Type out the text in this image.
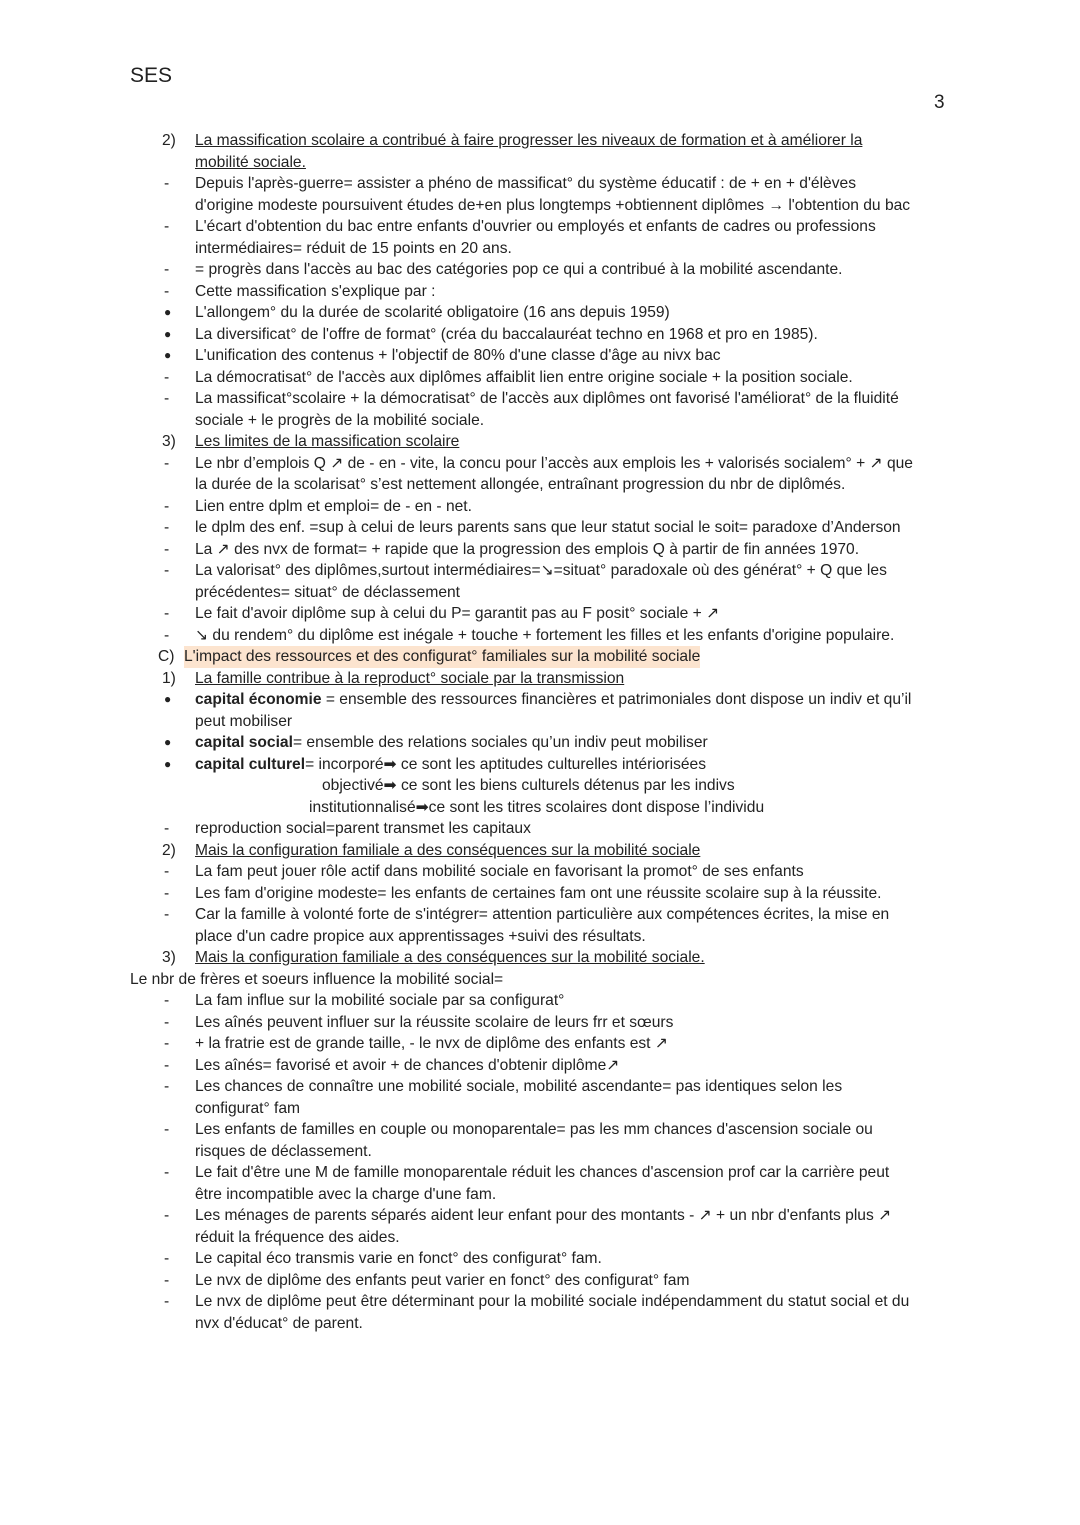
SES
3
2) La massification scolaire a contribué à faire progresser les niveaux de formation et à améliorer la
mobilité sociale.
- Depuis l'après-guerre= assister a phéno de massificat° du système éducatif : de + en + d'élèves
d'origine modeste poursuivent études de+en plus longtemps +obtiennent diplômes → l'obtention du bac
- L'écart d'obtention du bac entre enfants d'ouvrier ou employés et enfants de cadres ou professions
intermédiaires= réduit de 15 points en 20 ans.
- = progrès dans l'accès au bac des catégories pop ce qui a contribué à la mobilité ascendante.
- Cette massification s'explique par :
● L'allongem° du la durée de scolarité obligatoire (16 ans depuis 1959)
● La diversificat° de l'offre de format° (créa du baccalauréat techno en 1968 et pro en 1985).
● L'unification des contenus + l'objectif de 80% d'une classe d'âge au nivx bac
- La démocratisat° de l'accès aux diplômes affaiblit lien entre origine sociale + la position sociale.
- La massificat°scolaire + la démocratisat° de l'accès aux diplômes ont favorisé l'améliorat° de la fluidité
sociale + le progrès de la mobilité sociale.
3) Les limites de la massification scolaire
- Le nbr d’emplois Q ↗ de - en - vite, la concu pour l’accès aux emplois les + valorisés socialem° + ↗ que
la durée de la scolarisat° s’est nettement allongée, entraînant progression du nbr de diplômés.
- Lien entre dplm et emploi= de - en - net.
- le dplm des enf. =sup à celui de leurs parents sans que leur statut social le soit= paradoxe d’Anderson
- La ↗ des nvx de format= + rapide que la progression des emplois Q à partir de fin années 1970.
- La valorisat° des diplômes,surtout intermédiaires=↘=situat° paradoxale où des générat° + Q que les
précédentes= situat° de déclassement
- Le fait d'avoir diplôme sup à celui du P= garantit pas au F posit° sociale + ↗
- ↘ du rendem° du diplôme est inégale + touche + fortement les filles et les enfants d'origine populaire.
C) L'impact des ressources et des configurat° familiales sur la mobilité sociale
1) La famille contribue à la reproduct° sociale par la transmission
● capital économie = ensemble des ressources financières et patrimoniales dont dispose un indiv et qu’il
peut mobiliser
● capital social= ensemble des relations sociales qu’un indiv peut mobiliser
● capital culturel= incorporé➡ ce sont les aptitudes culturelles intériorisées
objectivé➡ ce sont les biens culturels détenus par les indivs
institutionnalisé➡ce sont les titres scolaires dont dispose l’individu
- reproduction social=parent transmet les capitaux
2) Mais la configuration familiale a des conséquences sur la mobilité sociale
- La fam peut jouer rôle actif dans mobilité sociale en favorisant la promot° de ses enfants
- Les fam d'origine modeste= les enfants de certaines fam ont une réussite scolaire sup à la réussite.
- Car la famille à volonté forte de s'intégrer= attention particulière aux compétences écrites, la mise en
place d'un cadre propice aux apprentissages +suivi des résultats.
3) Mais la configuration familiale a des conséquences sur la mobilité sociale.
Le nbr de frères et soeurs influence la mobilité social=
- La fam influe sur la mobilité sociale par sa configurat°
- Les aînés peuvent influer sur la réussite scolaire de leurs frr et sœurs
- + la fratrie est de grande taille, - le nvx de diplôme des enfants est ↗
- Les aînés= favorisé et avoir + de chances d'obtenir diplôme↗
- Les chances de connaître une mobilité sociale, mobilité ascendante= pas identiques selon les
configurat° fam
- Les enfants de familles en couple ou monoparentale= pas les mm chances d'ascension sociale ou
risques de déclassement.
- Le fait d'être une M de famille monoparentale réduit les chances d'ascension prof car la carrière peut
être incompatible avec la charge d'une fam.
- Les ménages de parents séparés aident leur enfant pour des montants - ↗ + un nbr d'enfants plus ↗
réduit la fréquence des aides.
- Le capital éco transmis varie en fonct° des configurat° fam.
- Le nvx de diplôme des enfants peut varier en fonct° des configurat° fam
- Le nvx de diplôme peut être déterminant pour la mobilité sociale indépendamment du statut social et du
nvx d'éducat° de parent.
